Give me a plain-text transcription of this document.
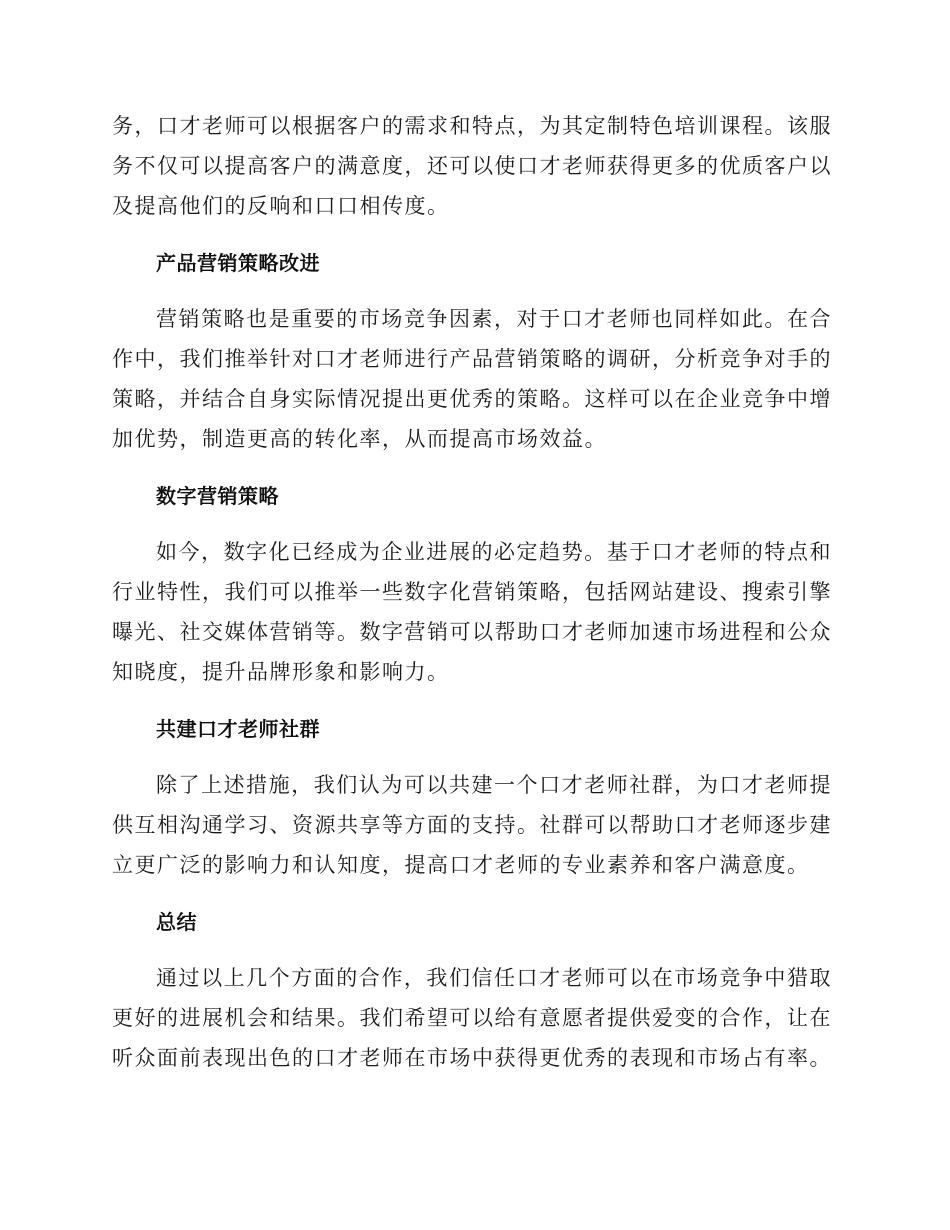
务，口才老师可以根据客户的需求和特点，为其定制特色培训课程。该服务不仅可以提高客户的满意度，还可以使口才老师获得更多的优质客户以及提高他们的反响和口口相传度。

产品营销策略改进

营销策略也是重要的市场竞争因素，对于口才老师也同样如此。在合作中，我们推举针对口才老师进行产品营销策略的调研，分析竞争对手的策略，并结合自身实际情况提出更优秀的策略。这样可以在企业竞争中增加优势，制造更高的转化率，从而提高市场效益。

数字营销策略

如今，数字化已经成为企业进展的必定趋势。基于口才老师的特点和行业特性，我们可以推举一些数字化营销策略，包括网站建设、搜索引擎曝光、社交媒体营销等。数字营销可以帮助口才老师加速市场进程和公众知晓度，提升品牌形象和影响力。

共建口才老师社群

除了上述措施，我们认为可以共建一个口才老师社群，为口才老师提供互相沟通学习、资源共享等方面的支持。社群可以帮助口才老师逐步建立更广泛的影响力和认知度，提高口才老师的专业素养和客户满意度。

总结

通过以上几个方面的合作，我们信任口才老师可以在市场竞争中猎取更好的进展机会和结果。我们希望可以给有意愿者提供爱变的合作，让在听众面前表现出色的口才老师在市场中获得更优秀的表现和市场占有率。
